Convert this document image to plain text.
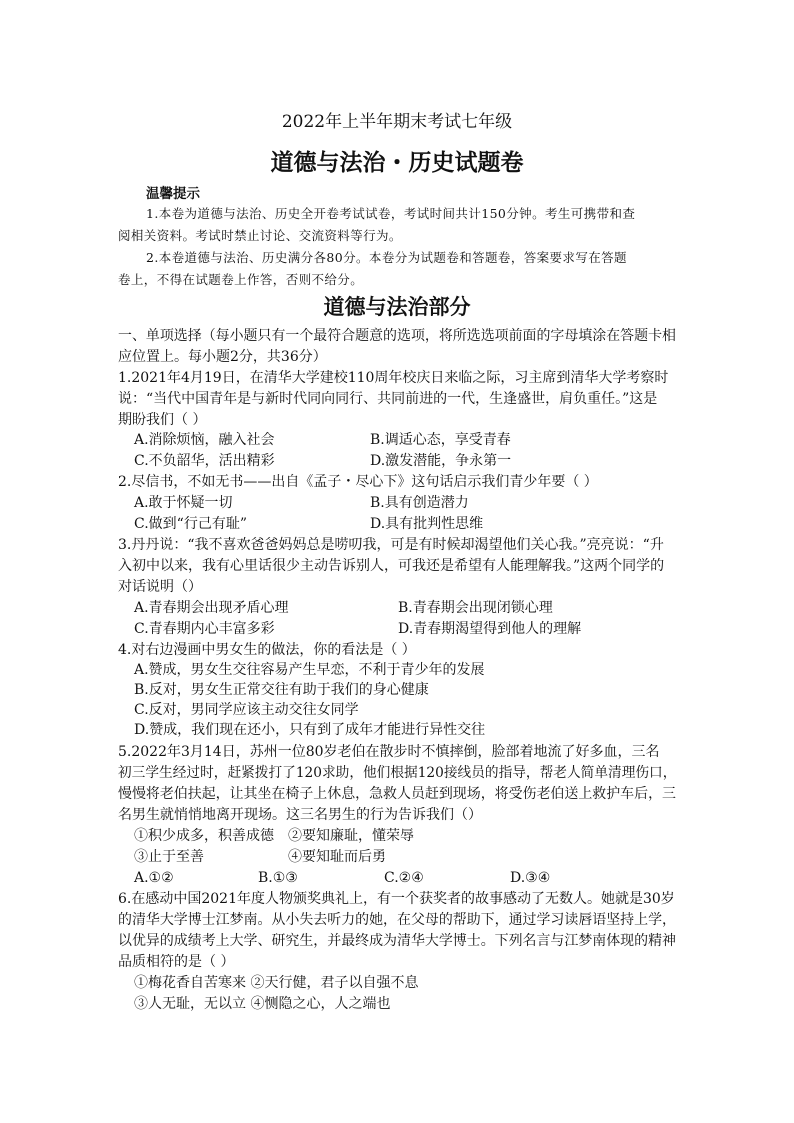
2022年上半年期末考试七年级
道德与法治・历史试题卷
温馨提示
1.本卷为道德与法治、历史全开卷考试试卷，考试时间共计150分钟。考生可携带和查
阅相关资料。考试时禁止讨论、交流资料等行为。
2.本卷道德与法治、历史满分各80分。本卷分为试题卷和答题卷，答案要求写在答题
卷上，不得在试题卷上作答，否则不给分。
道德与法治部分
一、单项选择（每小题只有一个最符合题意的选项，将所选选项前面的字母填涂在答题卡相
应位置上。每小题2分，共36分）
1.2021年4月19日，在清华大学建校110周年校庆日来临之际，习主席到清华大学考察时
说：“当代中国青年是与新时代同向同行、共同前进的一代，生逢盛世，肩负重任。”这是
期盼我们（ ）
A.消除烦恼，融入社会	B.调适心态，享受青春
C.不负韶华，活出精彩	D.激发潜能，争永第一
2.尽信书，不如无书——出自《孟子・尽心下》这句话启示我们青少年要（ ）
A.敢于怀疑一切	B.具有创造潜力
C.做到“行己有耻”	D.具有批判性思维
3.丹丹说：“我不喜欢爸爸妈妈总是唠叨我，可是有时候却渴望他们关心我。”亮亮说：“升
入初中以来，我有心里话很少主动告诉别人，可我还是希望有人能理解我。”这两个同学的
对话说明（）
A.青春期会出现矛盾心理	B.青春期会出现闭锁心理
C.青春期内心丰富多彩	D.青春期渴望得到他人的理解
4.对右边漫画中男女生的做法，你的看法是（ ）
A.赞成，男女生交往容易产生早恋，不利于青少年的发展
B.反对，男女生正常交往有助于我们的身心健康
C.反对，男同学应该主动交往女同学
D.赞成，我们现在还小，只有到了成年才能进行异性交往
5.2022年3月14日，苏州一位80岁老伯在散步时不慎摔倒，脸部着地流了好多血，三名
初三学生经过时，赶紧拨打了120求助，他们根据120接线员的指导，帮老人简单清理伤口，
慢慢将老伯扶起，让其坐在椅子上休息，急救人员赶到现场，将受伤老伯送上救护车后，三
名男生就悄悄地离开现场。这三名男生的行为告诉我们（）
①积少成多，积善成德 ②要知廉耻，懂荣辱
③止于至善	④要知耻而后勇
A.①②	B.①③	C.②④	D.③④
6.在感动中国2021年度人物颁奖典礼上，有一个获奖者的故事感动了无数人。她就是30岁
的清华大学博士江梦南。从小失去听力的她，在父母的帮助下，通过学习读唇语坚持上学，
以优异的成绩考上大学、研究生，并最终成为清华大学博士。下列名言与江梦南体现的精神
品质相符的是（ ）
①梅花香自苦寒来 ②天行健，君子以自强不息
③人无耻，无以立 ④恻隐之心，人之端也
